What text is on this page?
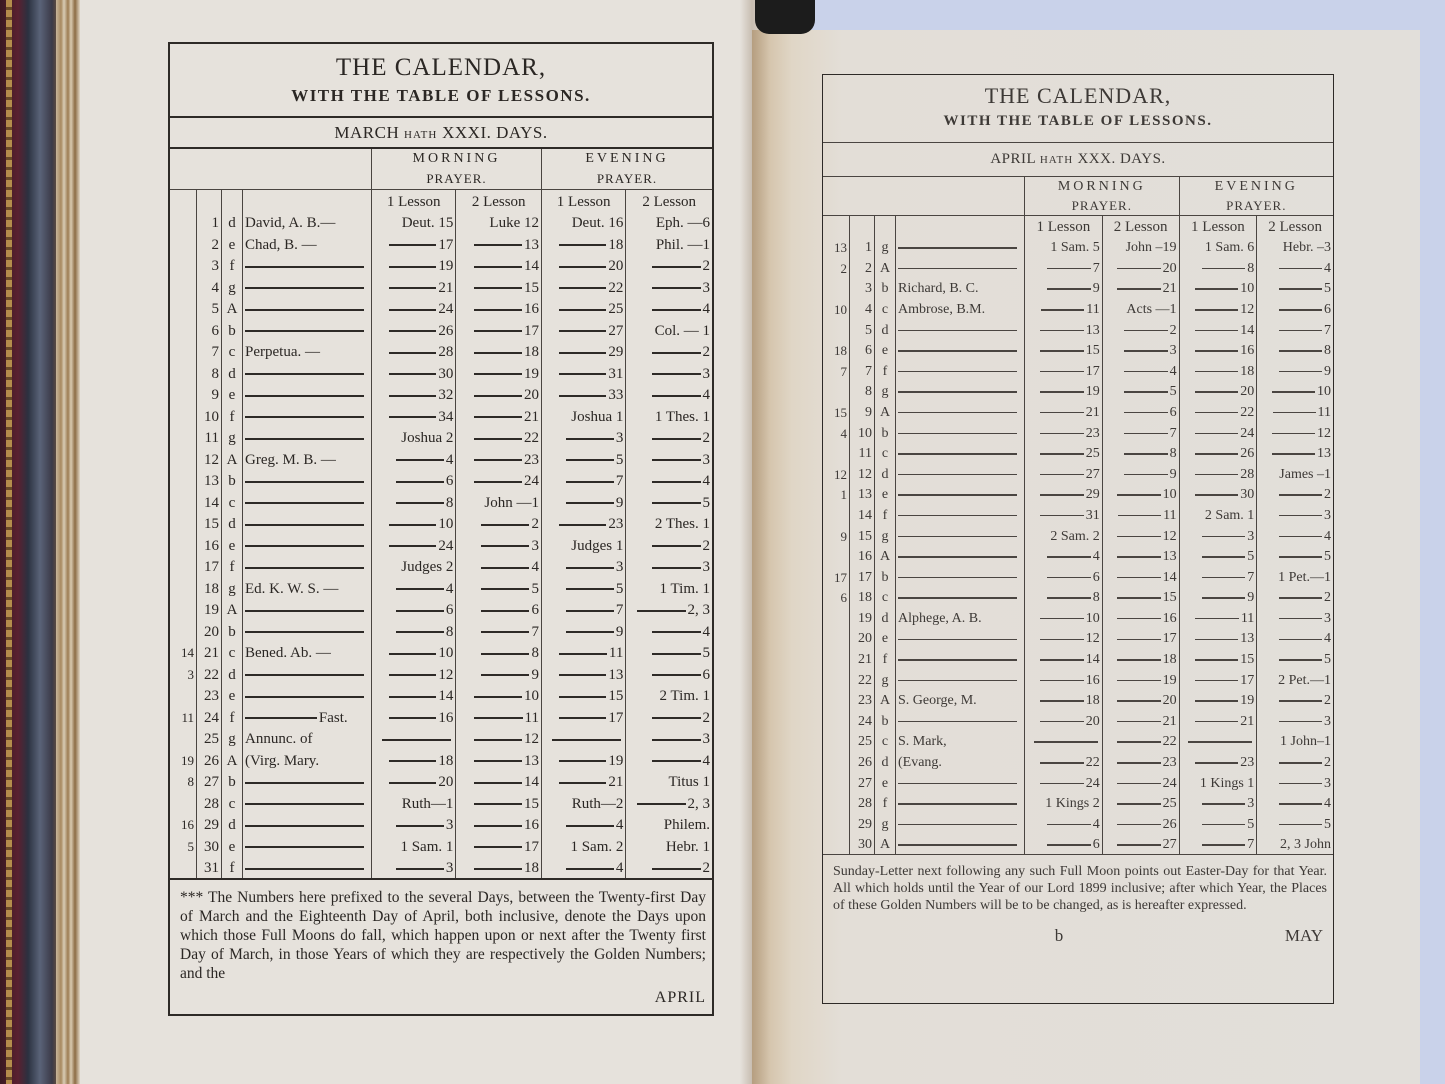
THE CALENDAR,
WITH THE TABLE OF LESSONS.
MARCH HATH XXXI. DAYS.
				MORNING
PRAYER.		EVENING
PRAYER.	

				1 Lesson	2 Lesson	1 Lesson	2 Lesson
	1	d	David, A. B.—	Deut. 15	Luke 12	Deut. 16	Eph. —6
	2	e	Chad, B. —	17	13	18	Phil. —1
	3	f		19	14	20	2
	4	g		21	15	22	3
	5	A		24	16	25	4
	6	b		26	17	27	Col. — 1
	7	c	Perpetua. —	28	18	29	2
	8	d		30	19	31	3
	9	e		32	20	33	4
	10	f		34	21	Joshua 1	1 Thes. 1
	11	g		Joshua 2	22	3	2
	12	A	Greg. M. B. —	4	23	5	3
	13	b		6	24	7	4
	14	c		8	John —1	9	5
	15	d		10	2	23	2 Thes. 1
	16	e		24	3	Judges 1	2
	17	f		Judges 2	4	3	3
	18	g	Ed. K. W. S. —	4	5	5	1 Tim. 1
	19	A		6	6	7	2, 3
	20	b		8	7	9	4
14	21	c	Bened. Ab. —	10	8	11	5
3	22	d		12	9	13	6
	23	e		14	10	15	2 Tim. 1
11	24	f	Fast.	16	11	17	2
	25	g	Annunc. of		12		3
19	26	A	(Virg. Mary.	18	13	19	4
8	27	b		20	14	21	Titus 1
	28	c		Ruth—1	15	Ruth—2	2, 3
16	29	d		3	16	4	Philem.
5	30	e		1 Sam. 1	17	1 Sam. 2	Hebr. 1
	31	f		3	18	4	2
*** The Numbers here prefixed to the several Days, between the Twenty-first Day of March and the Eighteenth Day of April, both inclusive, denote the Days upon which those Full Moons do fall, which happen upon or next after the Twenty first Day of March, in those Years of which they are respectively the Golden Numbers; and the
APRIL
THE CALENDAR,
WITH THE TABLE OF LESSONS.
APRIL HATH XXX. DAYS.
				MORNING
PRAYER.		EVENING
PRAYER.	

				1 Lesson	2 Lesson	1 Lesson	2 Lesson
13	1	g		1 Sam. 5	John –19	1 Sam. 6	Hebr. –3
2	2	A		7	20	8	4
	3	b	Richard, B. C.	9	21	10	5
10	4	c	Ambrose, B.M.	11	Acts —1	12	6
	5	d		13	2	14	7
18	6	e		15	3	16	8
7	7	f		17	4	18	9
	8	g		19	5	20	10
15	9	A		21	6	22	11
4	10	b		23	7	24	12
	11	c		25	8	26	13
12	12	d		27	9	28	James –1
1	13	e		29	10	30	2
	14	f		31	11	2 Sam. 1	3
9	15	g		2 Sam. 2	12	3	4
	16	A		4	13	5	5
17	17	b		6	14	7	1 Pet.—1
6	18	c		8	15	9	2
	19	d	Alphege, A. B.	10	16	11	3
	20	e		12	17	13	4
	21	f		14	18	15	5
	22	g		16	19	17	2 Pet.—1
	23	A	S. George, M.	18	20	19	2
	24	b		20	21	21	3
	25	c	S. Mark,		22		1 John–1
	26	d	(Evang.	22	23	23	2
	27	e		24	24	1 Kings 1	3
	28	f		1 Kings 2	25	3	4
	29	g		4	26	5	5
	30	A		6	27	7	2, 3 John
Sunday-Letter next following any such Full Moon points out Easter-Day for that Year. All which holds until the Year of our Lord 1899 inclusive; after which Year, the Places of these Golden Numbers will be to be changed, as is hereafter expressed.
b	MAY
